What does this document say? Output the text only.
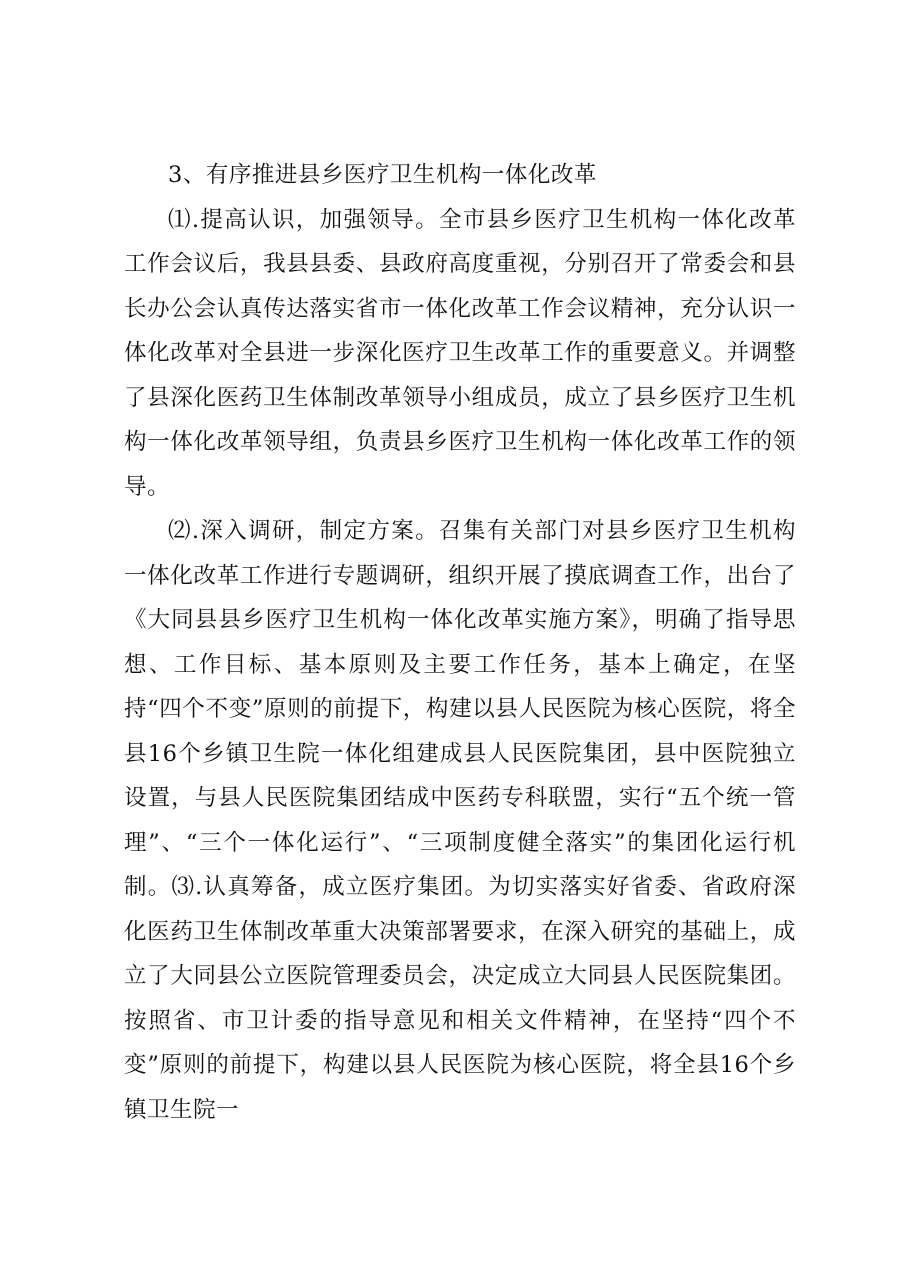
3、有序推进县乡医疗卫生机构一体化改革

⑴.提高认识，加强领导。全市县乡医疗卫生机构一体化改革工作会议后，我县县委、县政府高度重视，分别召开了常委会和县长办公会认真传达落实省市一体化改革工作会议精神，充分认识一体化改革对全县进一步深化医疗卫生改革工作的重要意义。并调整了县深化医药卫生体制改革领导小组成员，成立了县乡医疗卫生机构一体化改革领导组，负责县乡医疗卫生机构一体化改革工作的领导。

⑵.深入调研，制定方案。召集有关部门对县乡医疗卫生机构一体化改革工作进行专题调研，组织开展了摸底调查工作，出台了《大同县县乡医疗卫生机构一体化改革实施方案》，明确了指导思想、工作目标、基本原则及主要工作任务，基本上确定，在坚持“四个不变”原则的前提下，构建以县人民医院为核心医院，将全县16个乡镇卫生院一体化组建成县人民医院集团，县中医院独立设置，与县人民医院集团结成中医药专科联盟，实行“五个统一管理”、“三个一体化运行”、“三项制度健全落实”的集团化运行机制。⑶.认真筹备，成立医疗集团。为切实落实好省委、省政府深化医药卫生体制改革重大决策部署要求，在深入研究的基础上，成立了大同县公立医院管理委员会，决定成立大同县人民医院集团。按照省、市卫计委的指导意见和相关文件精神，在坚持“四个不变”原则的前提下，构建以县人民医院为核心医院，将全县16个乡镇卫生院一
